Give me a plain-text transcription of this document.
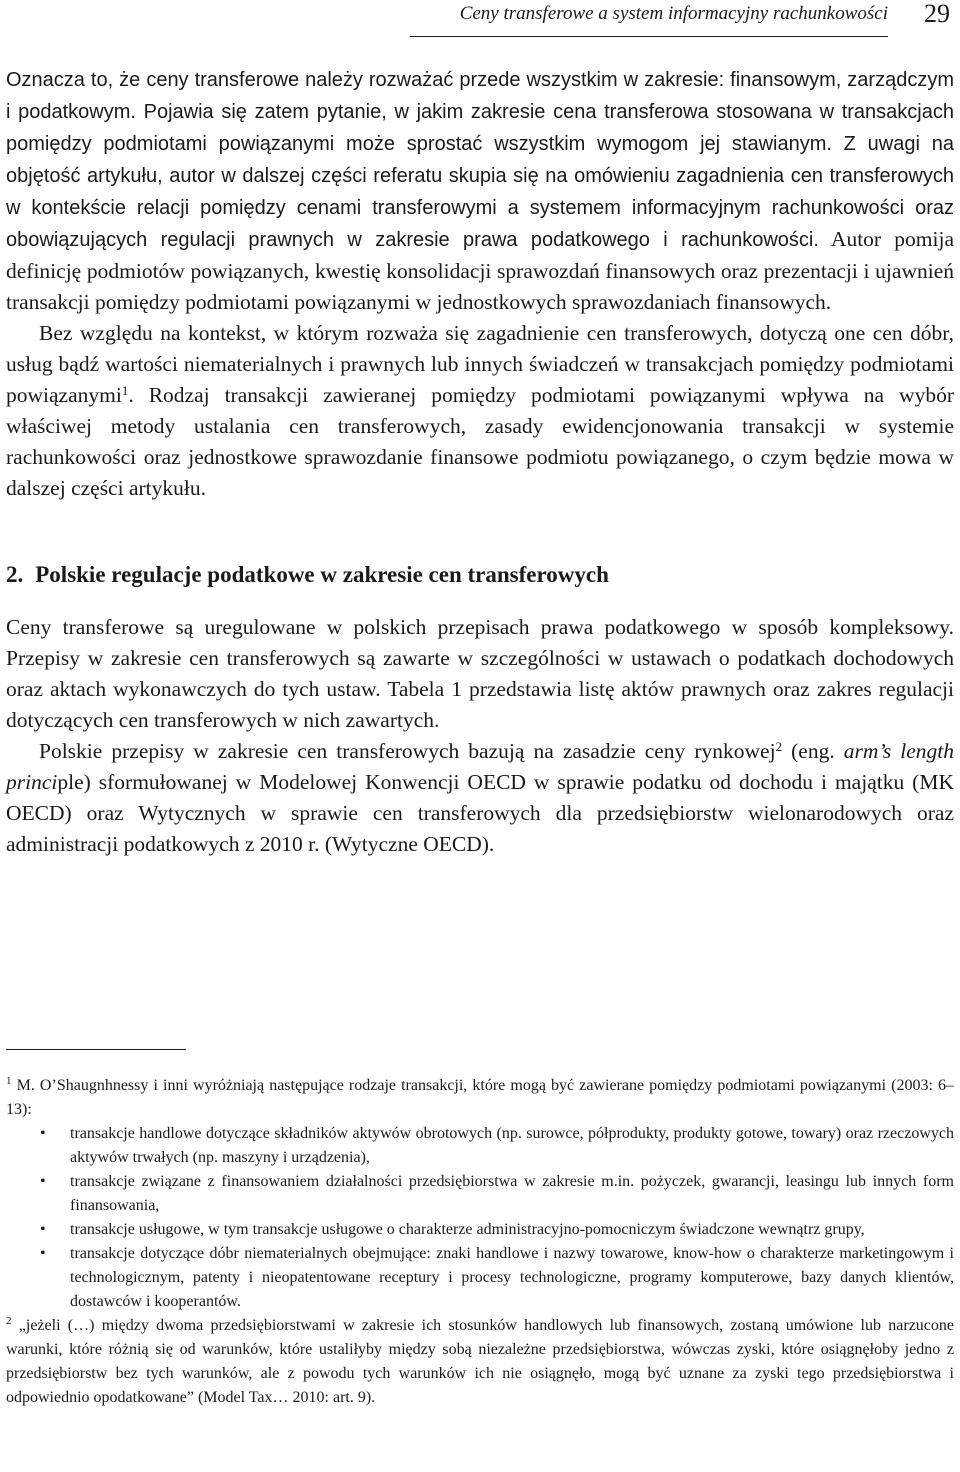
Ceny transferowe a system informacyjny rachunkowości 29

Oznacza to, że ceny transferowe należy rozważać przede wszystkim w zakresie: finansowym, zarządczym i podatkowym. Pojawia się zatem pytanie, w jakim zakresie cena transferowa stosowana w transakcjach pomiędzy podmiotami powiązanymi może sprostać wszystkim wymogom jej stawianym. Z uwagi na objętość artykułu, autor w dalszej części referatu skupia się na omówieniu zagadnienia cen transferowych w kontekście relacji pomiędzy cenami transferowymi a systemem informacyjnym rachunkowości oraz obowiązujących regulacji prawnych w zakresie prawa podatkowego i rachunkowości. Autor pomija definicję podmiotów powiązanych, kwestię konsolidacji sprawozdań finansowych oraz prezentacji i ujawnień transakcji pomiędzy podmiotami powiązanymi w jednostkowych sprawozdaniach finansowych.

Bez względu na kontekst, w którym rozważa się zagadnienie cen transferowych, dotyczą one cen dóbr, usług bądź wartości niematerialnych i prawnych lub innych świadczeń w transakcjach pomiędzy podmiotami powiązanymi$^1$. Rodzaj transakcji zawieranej pomiędzy podmiotami powiązanymi wpływa na wybór właściwej metody ustalania cen transferowych, zasady ewidencjonowania transakcji w systemie rachunkowości oraz jednostkowe sprawozdanie finansowe podmiotu powiązanego, o czym będzie mowa w dalszej części artykułu.

2. Polskie regulacje podatkowe w zakresie cen transferowych

Ceny transferowe są uregulowane w polskich przepisach prawa podatkowego w sposób kompleksowy. Przepisy w zakresie cen transferowych są zawarte w szczególności w ustawach o podatkach dochodowych oraz aktach wykonawczych do tych ustaw. Tabela 1 przedstawia listę aktów prawnych oraz zakres regulacji dotyczących cen transferowych w nich zawartych.

Polskie przepisy w zakresie cen transferowych bazują na zasadzie ceny rynkowej$^2$ (eng. arm’s length principle) sformułowanej w Modelowej Konwencji OECD w sprawie podatku od dochodu i majątku (MK OECD) oraz Wytycznych w sprawie cen transferowych dla przedsiębiorstw wielonarodowych oraz administracji podatkowych z 2010 r. (Wytyczne OECD).

$^1$ M. O’Shaugnhnessy i inni wyróżniają następujące rodzaje transakcji, które mogą być zawierane pomiędzy podmiotami powiązanymi (2003: 6–13):

• transakcje handlowe dotyczące składników aktywów obrotowych (np. surowce, półprodukty, produkty gotowe, towary) oraz rzeczowych aktywów trwałych (np. maszyny i urządzenia),
• transakcje związane z finansowaniem działalności przedsiębiorstwa w zakresie m.in. pożyczek, gwarancji, leasingu lub innych form finansowania,
• transakcje usługowe, w tym transakcje usługowe o charakterze administracyjno-pomocniczym świadczone wewnątrz grupy,
• transakcje dotyczące dóbr niematerialnych obejmujące: znaki handlowe i nazwy towarowe, know-how o charakterze marketingowym i technologicznym, patenty i nieopatentowane receptury i procesy technologiczne, programy komputerowe, bazy danych klientów, dostawców i kooperantów.

$^2$ „jeżeli (…) między dwoma przedsiębiorstwami w zakresie ich stosunków handlowych lub finansowych, zostaną umówione lub narzucone warunki, które różnią się od warunków, które ustaliłyby między sobą niezależne przedsiębiorstwa, wówczas zyski, które osiągnęłoby jedno z przedsiębiorstw bez tych warunków, ale z powodu tych warunków ich nie osiągnęło, mogą być uznane za zyski tego przedsiębiorstwa i odpowiednio opodatkowane” (Model Tax… 2010: art. 9).
